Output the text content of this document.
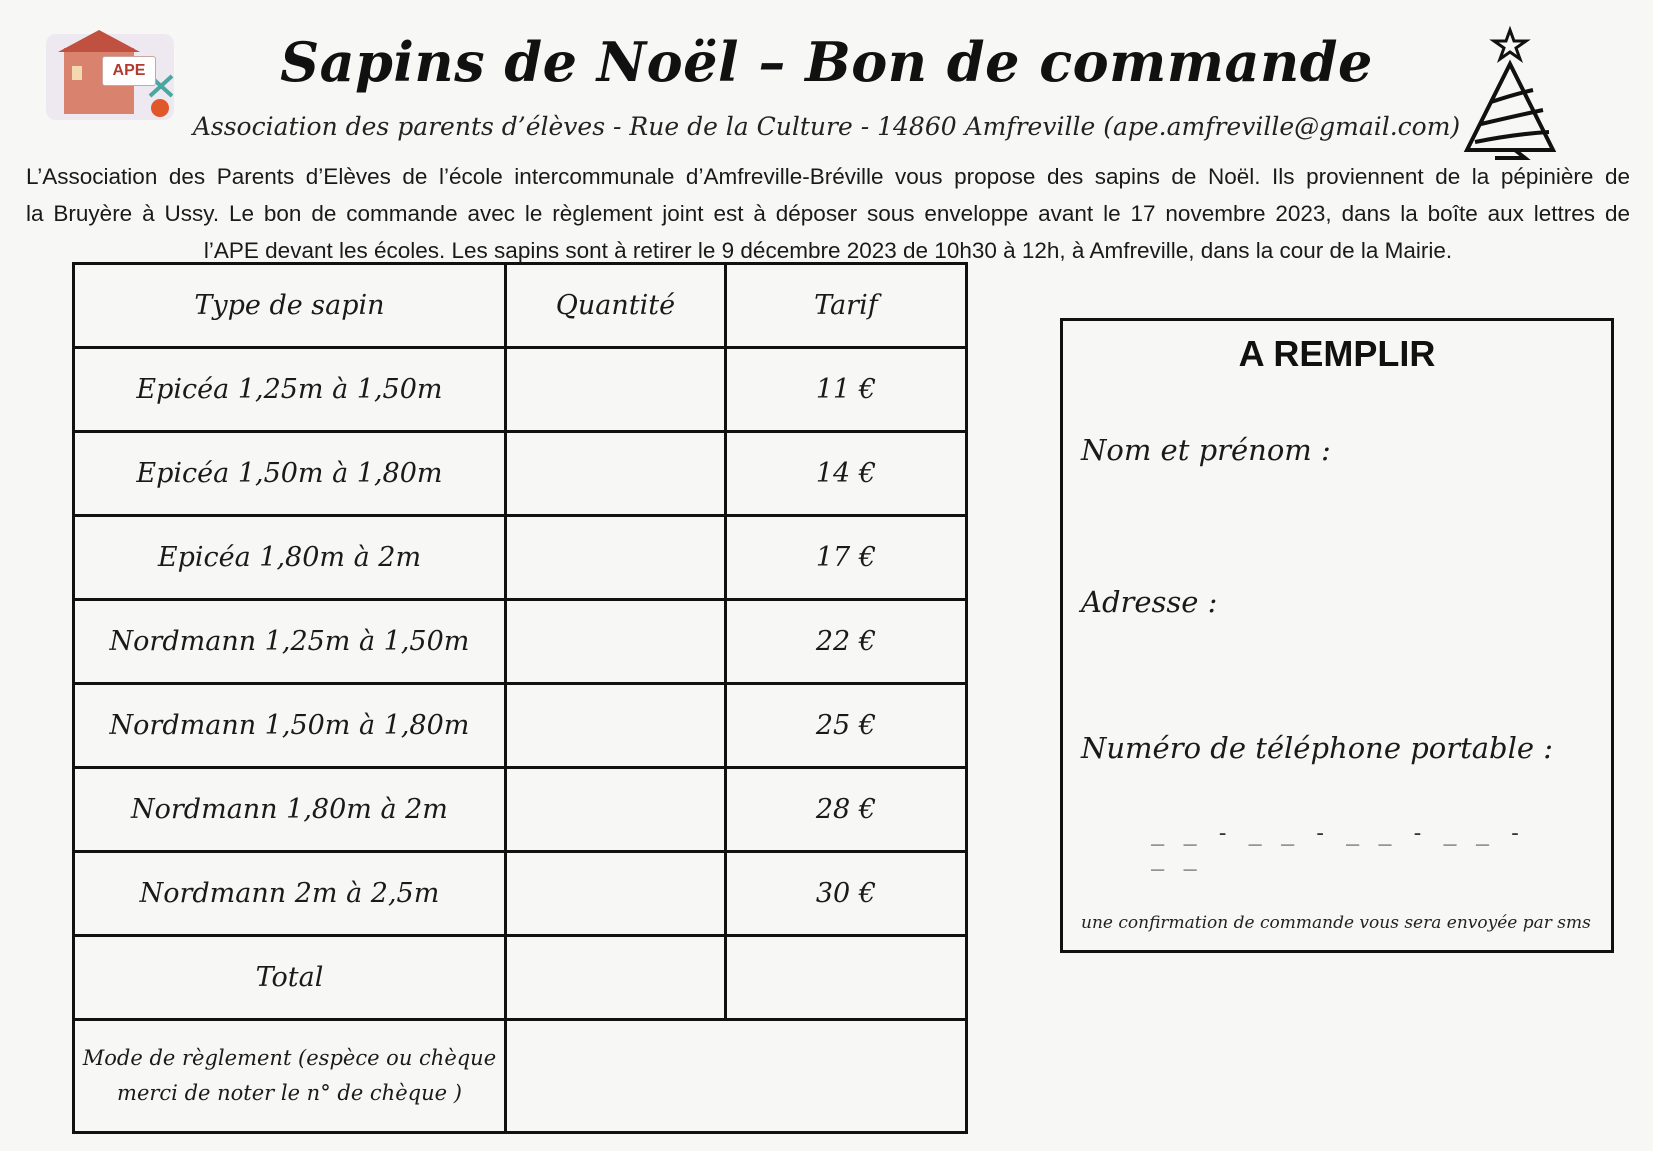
APE	Sapins de Noël – Bon de commande
Association des parents d’élèves - Rue de la Culture - 14860 Amfreville (ape.amfreville@gmail.com)
L’Association des Parents d’Elèves de l’école intercommunale d’Amfreville-Bréville vous propose des sapins de Noël. Ils proviennent de la pépinière de
la Bruyère à Ussy. Le bon de commande avec le règlement joint est à déposer sous enveloppe avant le 17 novembre 2023, dans la boîte aux lettres de
l’APE devant les écoles. Les sapins sont à retirer le 9 décembre 2023 de 10h30 à 12h, à Amfreville, dans la cour de la Mairie.
Type de sapin	Quantité	Tarif
Epicéa 1,25m à 1,50m		11 €
Epicéa 1,50m à 1,80m		14 €
Epicéa 1,80m à 2m		17 €
Nordmann 1,25m à 1,50m		22 €
Nordmann 1,50m à 1,80m		25 €
Nordmann 1,80m à 2m		28 €
Nordmann 2m à 2,5m		30 €
Total		

Mode de règlement (espèce ou chèque
merci de noter le n° de chèque )		

A REMPLIR
Nom et prénom :
Adresse :
Numéro de téléphone portable :
_ _ - _ _ - _ _ - _ _ - _ _
une confirmation de commande vous sera envoyée par sms
